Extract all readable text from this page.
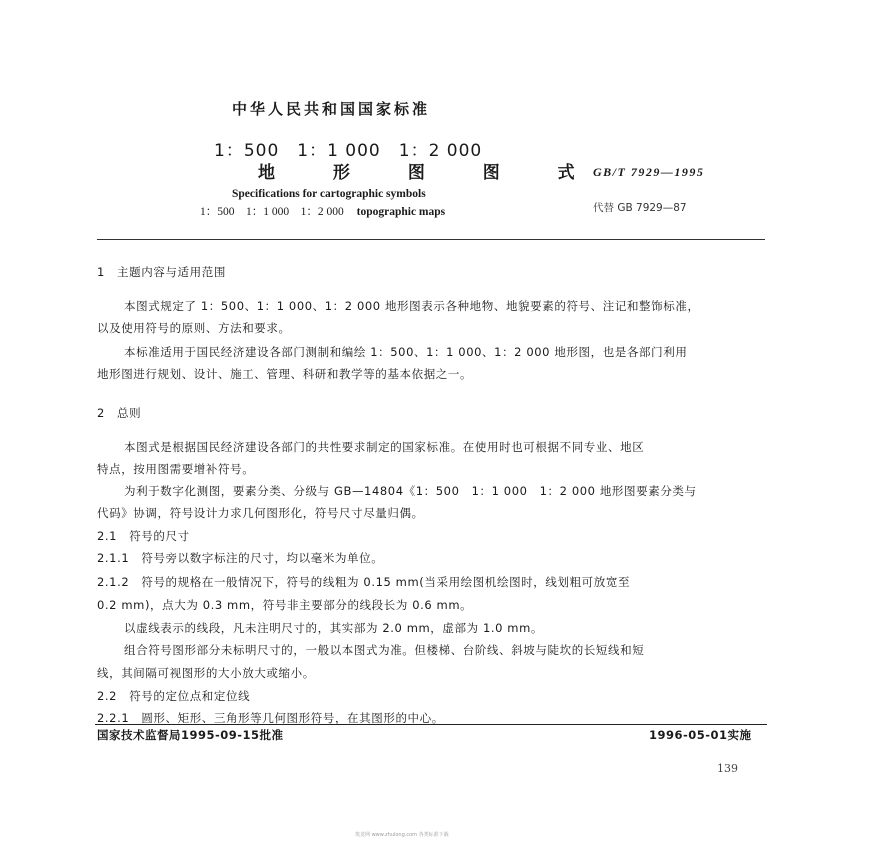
中华人民共和国国家标准
1：500　1：1 000　1：2 000
地 形 图 图 式
GB/T 7929—1995
Specifications for cartographic symbols
1：500　1：1 000　1：2 000 topographic maps	代替 GB 7929—87
1　主题内容与适用范围
本图式规定了 1：500、1：1 000、1：2 000 地形图表示各种地物、地貌要素的符号、注记和整饰标准，
以及使用符号的原则、方法和要求。
本标准适用于国民经济建设各部门测制和编绘 1：500、1：1 000、1：2 000 地形图，也是各部门利用
地形图进行规划、设计、施工、管理、科研和教学等的基本依据之一。
2　总则
本图式是根据国民经济建设各部门的共性要求制定的国家标准。在使用时也可根据不同专业、地区
特点，按用图需要增补符号。
为利于数字化测图，要素分类、分级与 GB—14804《1：500　1：1 000　1：2 000 地形图要素分类与
代码》协调，符号设计力求几何图形化，符号尺寸尽量归偶。
2.1　符号的尺寸
2.1.1　符号旁以数字标注的尺寸，均以毫米为单位。
2.1.2　符号的规格在一般情况下，符号的线粗为 0.15 mm(当采用绘图机绘图时，线划粗可放宽至
0.2 mm)，点大为 0.3 mm，符号非主要部分的线段长为 0.6 mm。
以虚线表示的线段，凡未注明尺寸的，其实部为 2.0 mm，虚部为 1.0 mm。
组合符号图形部分未标明尺寸的，一般以本图式为准。但楼梯、台阶线、斜坡与陡坎的长短线和短
线，其间隔可视图形的大小放大或缩小。
2.2　符号的定位点和定位线
2.2.1　圆形、矩形、三角形等几何图形符号，在其图形的中心。
国家技术监督局1995-09-15批准	1996-05-01实施
139
筑龙网 www.zhulong.com 各类标准下载
